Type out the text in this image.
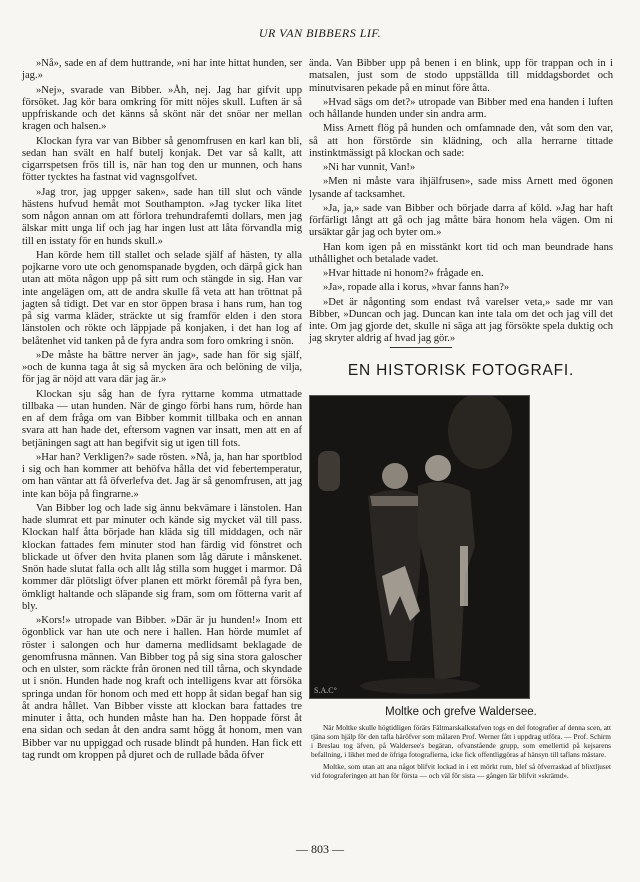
UR VAN BIBBERS LIF.

»Nå», sade en af dem huttrande, »ni har inte hittat hunden, ser jag.»

»Nej», svarade van Bibber. »Åh, nej. Jag har gifvit upp försöket. Jag kör bara omkring för mitt nöjes skull. Luften är så uppfriskande och det känns så skönt när det snöar ner mellan kragen och halsen.»

Klockan fyra var van Bibber så genomfrusen en karl kan bli, sedan han svält en half butelj konjak. Det var så kallt, att cigarrspetsen frös till is, när han tog den ur munnen, och hans fötter tycktes ha fastnat vid vagnsgolfvet.

»Jag tror, jag uppger saken», sade han till slut och vände hästens hufvud hemåt mot Southampton. »Jag tycker lika litet som någon annan om att förlora trehundrafemti dollars, men jag älskar mitt unga lif och jag har ingen lust att låta förvandla mig till en isstaty för en hunds skull.»

Han körde hem till stallet och selade själf af hästen, ty alla pojkarne voro ute och genomspanade bygden, och därpå gick han utan att möta någon upp på sitt rum och stängde in sig. Han var inte angelägen om, att de andra skulle få veta att han tröttnat på jagten så tidigt. Det var en stor öppen brasa i hans rum, han tog på sig varma kläder, sträckte ut sig framför elden i den stora länstolen och rökte och läppjade på konjaken, i det han log af belåtenhet vid tanken på de fyra andra som foro omkring i snön.

»De måste ha bättre nerver än jag», sade han för sig själf, »och de kunna taga åt sig så mycken ära och belöning de vilja, för jag är nöjd att vara där jag är.»

Klockan sju såg han de fyra ryttarne komma utmattade tillbaka — utan hunden. När de gingo förbi hans rum, hörde han en af dem fråga om van Bibber kommit tillbaka och en annan svara att han hade det, eftersom vagnen var insatt, men att en af betjäningen sagt att han begifvit sig ut igen till fots.

»Har han? Verkligen?» sade rösten. »Nå, ja, han har sportblod i sig och han kommer att behöfva hålla det vid febertemperatur, om han väntar att få öfverlefva det. Jag är så genomfrusen, att jag inte kan böja på fingrarne.»

Van Bibber log och lade sig ännu bekvämare i länstolen. Han hade slumrat ett par minuter och kände sig mycket väl till pass. Klockan half åtta började han kläda sig till middagen, och när klockan fattades fem minuter stod han färdig vid fönstret och blickade ut öfver den hvita planen som låg därute i månskenet. Snön hade slutat falla och allt låg stilla som hugget i marmor. Då kommer där plötsligt öfver planen ett mörkt föremål på fyra ben, ömkligt haltande och släpande sig fram, som om fötterna varit af bly.

»Kors!» utropade van Bibber. »Där är ju hunden!» Inom ett ögonblick var han ute och nere i hallen. Han hörde mumlet af röster i salongen och hur damerna medlidsamt beklagade de genomfrusna männen. Van Bibber tog på sig sina stora galoscher och en ulster, som räckte från öronen ned till tårna, och skyndade ut i snön. Hunden hade nog kraft och intelligens kvar att försöka springa undan för honom och med ett hopp åt sidan begaf han sig åt andra hållet. Van Bibber visste att klockan bara fattades tre minuter i åtta, och hunden måste han ha. Den hoppade först åt ena sidan och sedan åt den andra samt högg åt honom, men van Bibber var nu uppiggad och rusade blindt på hunden. Han fick ett tag rundt om kroppen på djuret och de rullade båda öfver

ända. Van Bibber upp på benen i en blink, upp för trappan och in i matsalen, just som de stodo uppställda till middagsbordet och minutvisaren pekade på en minut före åtta.

»Hvad sägs om det?» utropade van Bibber med ena handen i luften och hållande hunden under sin andra arm.

Miss Arnett flög på hunden och omfamnade den, våt som den var, så att hon förstörde sin klädning, och alla herrarne tittade instinktmässigt på klockan och sade:

»Ni har vunnit, Van!»

»Men ni måste vara ihjälfrusen», sade miss Arnett med ögonen lysande af tacksamhet.

»Ja, ja,» sade van Bibber och började darra af köld. »Jag har haft förfärligt långt att gå och jag måtte bära honom hela vägen. Om ni ursäktar går jag och byter om.»

Han kom igen på en misstänkt kort tid och man beundrade hans uthållighet och betalade vadet.

»Hvar hittade ni honom?» frågade en.

»Ja», ropade alla i korus, »hvar fanns han?»

»Det är någonting som endast två varelser veta,» sade mr van Bibber, »Duncan och jag. Duncan kan inte tala om det och jag vill det inte. Om jag gjorde det, skulle ni säga att jag försökte spela duktig och jag skryter aldrig af hvad jag gör.»

EN HISTORISK FOTOGRAFI.
S.A.C°
Moltke och grefve Waldersee.

När Moltke skulle högtidligen förärs Fältmarskalkstafven togs en del fotografier af denna scen, att tjäna som hjälp för den tafla häröfver som målaren Prof. Werner fått i uppdrag utföra. — Prof. Schirm i Breslau tog äfven, på Waldersee's begäran, ofvanstående grupp, som emellertid på kejsarens befallning, i likhet med de öfriga fotografierna, icke fick offentliggöras af hänsyn till taflans mästare.

Moltke, som utan att ana något blifvit lockad in i ett mörkt rum, blef så öfverraskad af blixtljuset vid fotograferingen att han för första — och väl för sista — gången lär blifvit »skrämd».

— 803 —
